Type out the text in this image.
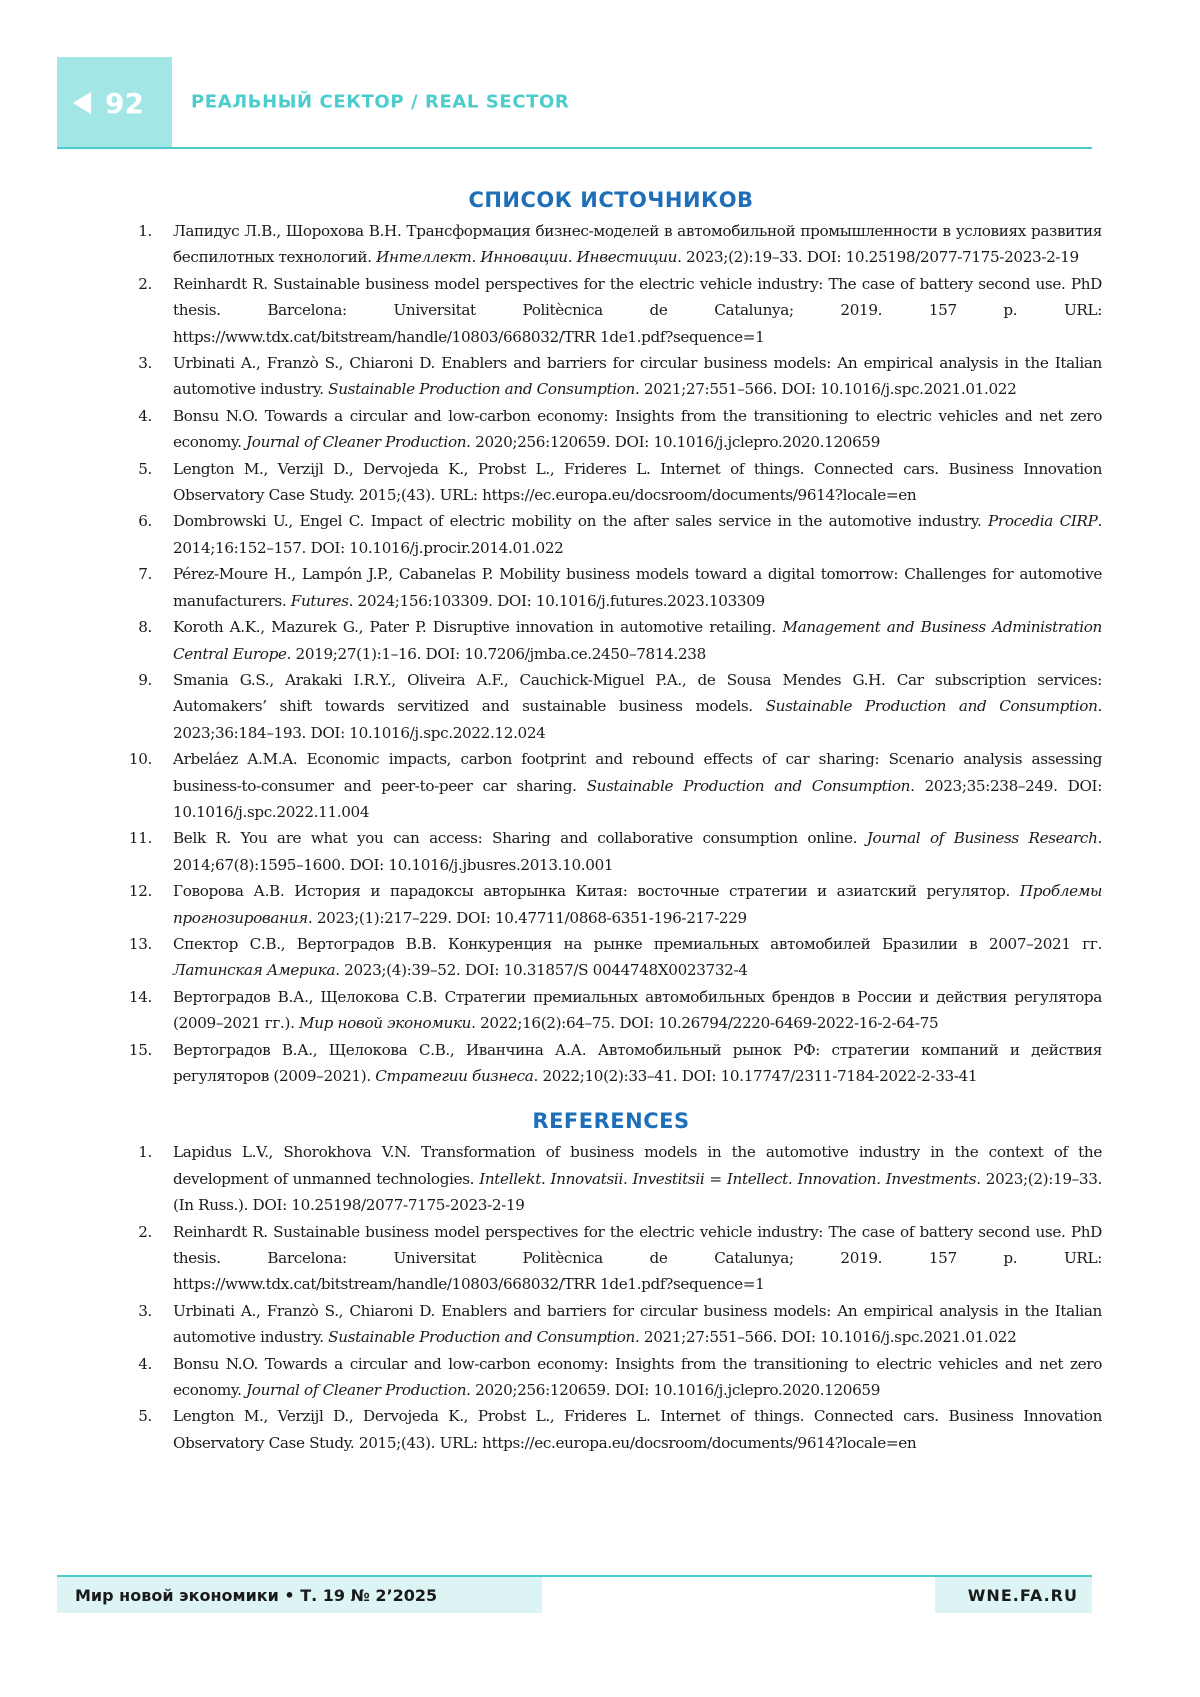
92	РЕАЛЬНЫЙ СЕКТОР / REAL SECTOR
СПИСОК ИСТОЧНИКОВ
1. Лапидус Л.В., Шорохова В.Н. Трансформация бизнес-моделей в автомобильной промышленности в условиях развития беспилотных технологий. Интеллект. Инновации. Инвестиции. 2023;(2):19–33. DOI: 10.25198/2077-7175-2023-2-19
2. Reinhardt R. Sustainable business model perspectives for the electric vehicle industry: The case of battery second use. PhD thesis. Barcelona: Universitat Politècnica de Catalunya; 2019. 157 p. URL: https://www.tdx.cat/bitstream/handle/10803/668032/TRR 1de1.pdf?sequence=1
3. Urbinati A., Franzò S., Chiaroni D. Enablers and barriers for circular business models: An empirical analysis in the Italian automotive industry. Sustainable Production and Consumption. 2021;27:551–566. DOI: 10.1016/j.spc.2021.01.022
4. Bonsu N.O. Towards a circular and low-carbon economy: Insights from the transitioning to electric vehicles and net zero economy. Journal of Cleaner Production. 2020;256:120659. DOI: 10.1016/j.jclepro.2020.120659
5. Lengton M., Verzijl D., Dervojeda K., Probst L., Frideres L. Internet of things. Connected cars. Business Innovation Observatory Case Study. 2015;(43). URL: https://ec.europa.eu/docsroom/documents/9614?locale=en
6. Dombrowski U., Engel C. Impact of electric mobility on the after sales service in the automotive industry. Procedia CIRP. 2014;16:152–157. DOI: 10.1016/j.procir.2014.01.022
7. Pérez-Moure H., Lampón J.P., Cabanelas P. Mobility business models toward a digital tomorrow: Challenges for automotive manufacturers. Futures. 2024;156:103309. DOI: 10.1016/j.futures.2023.103309
8. Koroth A.K., Mazurek G., Pater P. Disruptive innovation in automotive retailing. Management and Business Administration Central Europe. 2019;27(1):1–16. DOI: 10.7206/jmba.ce.2450–7814.238
9. Smania G.S., Arakaki I.R.Y., Oliveira A.F., Cauchick-Miguel P.A., de Sousa Mendes G.H. Car subscription services: Automakers’ shift towards servitized and sustainable business models. Sustainable Production and Consumption. 2023;36:184–193. DOI: 10.1016/j.spc.2022.12.024
10. Arbeláez A.M.A. Economic impacts, carbon footprint and rebound effects of car sharing: Scenario analysis assessing business-to-consumer and peer-to-peer car sharing. Sustainable Production and Consumption. 2023;35:238–249. DOI: 10.1016/j.spc.2022.11.004
11. Belk R. You are what you can access: Sharing and collaborative consumption online. Journal of Business Research. 2014;67(8):1595–1600. DOI: 10.1016/j.jbusres.2013.10.001
12. Говорова А.В. История и парадоксы авторынка Китая: восточные стратегии и азиатский регулятор. Проблемы прогнозирования. 2023;(1):217–229. DOI: 10.47711/0868-6351-196-217-229
13. Спектор С.В., Вертоградов В.В. Конкуренция на рынке премиальных автомобилей Бразилии в 2007–2021 гг. Латинская Америка. 2023;(4):39–52. DOI: 10.31857/S 0044748X0023732-4
14. Вертоградов В.А., Щелокова С.В. Стратегии премиальных автомобильных брендов в России и действия регулятора (2009–2021 гг.). Мир новой экономики. 2022;16(2):64–75. DOI: 10.26794/2220-6469-2022-16-2-64-75
15. Вертоградов В.А., Щелокова С.В., Иванчина А.А. Автомобильный рынок РФ: стратегии компаний и действия регуляторов (2009–2021). Стратегии бизнеса. 2022;10(2):33–41. DOI: 10.17747/2311-7184-2022-2-33-41
REFERENCES
1. Lapidus L.V., Shorokhova V.N. Transformation of business models in the automotive industry in the context of the development of unmanned technologies. Intellekt. Innovatsii. Investitsii = Intellect. Innovation. Investments. 2023;(2):19–33. (In Russ.). DOI: 10.25198/2077-7175-2023-2-19
2. Reinhardt R. Sustainable business model perspectives for the electric vehicle industry: The case of battery second use. PhD thesis. Barcelona: Universitat Politècnica de Catalunya; 2019. 157 p. URL: https://www.tdx.cat/bitstream/handle/10803/668032/TRR 1de1.pdf?sequence=1
3. Urbinati A., Franzò S., Chiaroni D. Enablers and barriers for circular business models: An empirical analysis in the Italian automotive industry. Sustainable Production and Consumption. 2021;27:551–566. DOI: 10.1016/j.spc.2021.01.022
4. Bonsu N.O. Towards a circular and low-carbon economy: Insights from the transitioning to electric vehicles and net zero economy. Journal of Cleaner Production. 2020;256:120659. DOI: 10.1016/j.jclepro.2020.120659
5. Lengton M., Verzijl D., Dervojeda K., Probst L., Frideres L. Internet of things. Connected cars. Business Innovation Observatory Case Study. 2015;(43). URL: https://ec.europa.eu/docsroom/documents/9614?locale=en
Мир новой экономики • Т. 19 № 2’2025	WNE.FA.RU
